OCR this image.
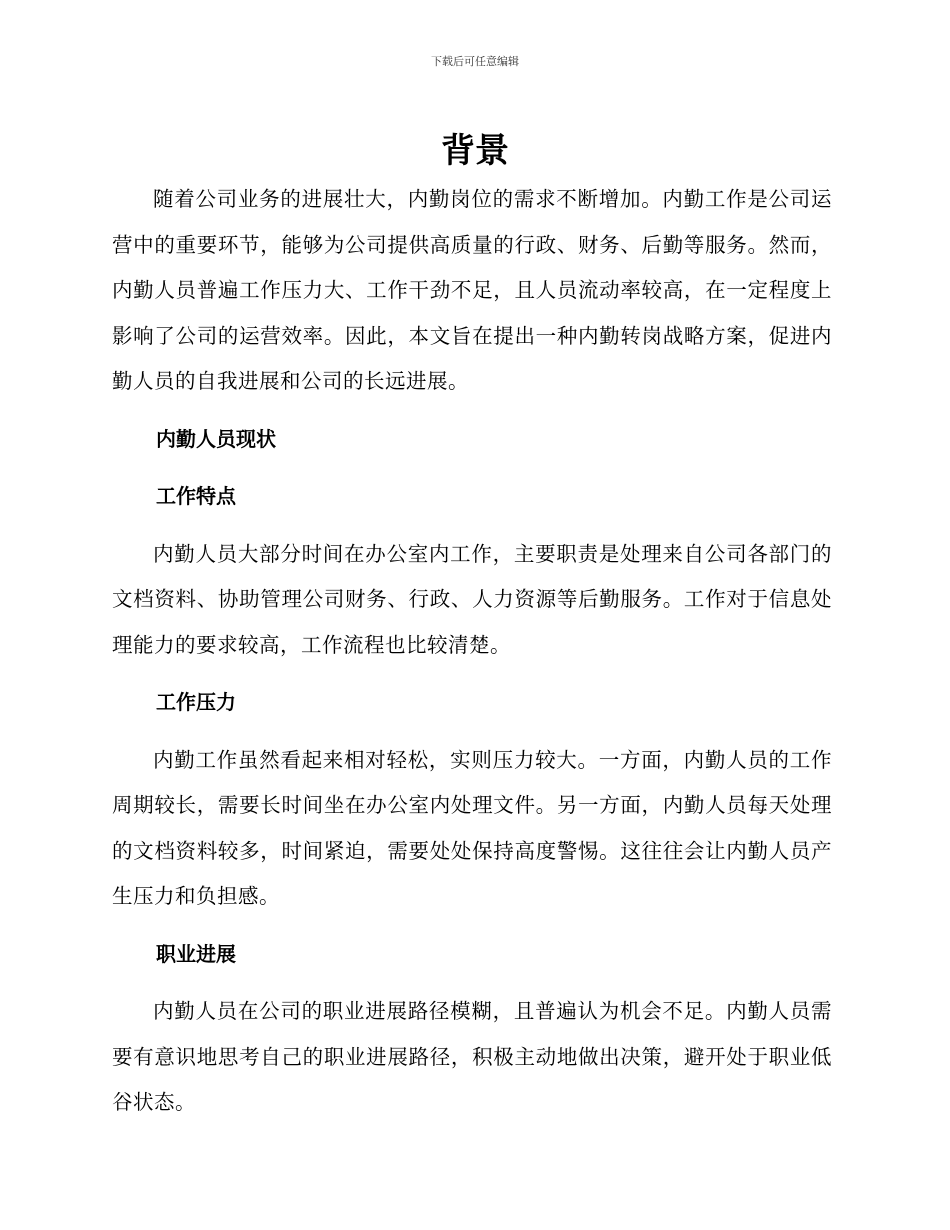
下载后可任意编辑
背景

随着公司业务的进展壮大，内勤岗位的需求不断增加。内勤工作是公司运营中的重要环节，能够为公司提供高质量的行政、财务、后勤等服务。然而，内勤人员普遍工作压力大、工作干劲不足，且人员流动率较高，在一定程度上影响了公司的运营效率。因此，本文旨在提出一种内勤转岗战略方案，促进内勤人员的自我进展和公司的长远进展。

内勤人员现状

工作特点

内勤人员大部分时间在办公室内工作，主要职责是处理来自公司各部门的文档资料、协助管理公司财务、行政、人力资源等后勤服务。工作对于信息处理能力的要求较高，工作流程也比较清楚。

工作压力

内勤工作虽然看起来相对轻松，实则压力较大。一方面，内勤人员的工作周期较长，需要长时间坐在办公室内处理文件。另一方面，内勤人员每天处理的文档资料较多，时间紧迫，需要处处保持高度警惕。这往往会让内勤人员产生压力和负担感。

职业进展

内勤人员在公司的职业进展路径模糊，且普遍认为机会不足。内勤人员需要有意识地思考自己的职业进展路径，积极主动地做出决策，避开处于职业低谷状态。
